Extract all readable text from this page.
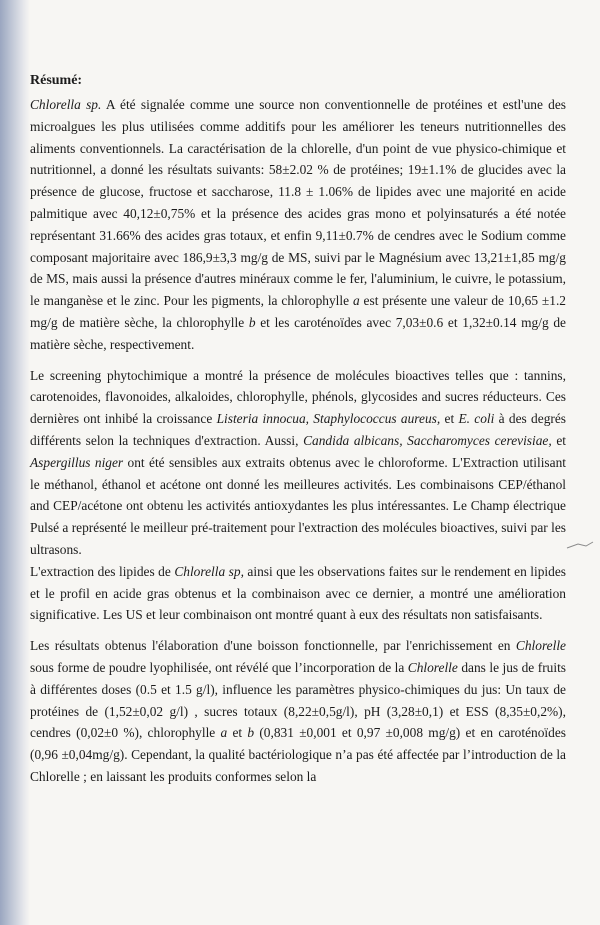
Résumé:

Chlorella sp. A été signalée comme une source non conventionnelle de protéines et estl'une des microalgues les plus utilisées comme additifs pour les améliorer les teneurs nutritionnelles des aliments conventionnels. La caractérisation de la chlorelle, d'un point de vue physico-chimique et nutritionnel, a donné les résultats suivants: 58±2.02 % de protéines; 19±1.1% de glucides avec la présence de glucose, fructose et saccharose, 11.8 ± 1.06% de lipides avec une majorité en acide palmitique avec 40,12±0,75% et la présence des acides gras mono et polyinsaturés a été notée représentant 31.66% des acides gras totaux, et enfin 9,11±0.7% de cendres avec le Sodium comme composant majoritaire avec 186,9±3,3 mg/g de MS, suivi par le Magnésium avec 13,21±1,85 mg/g de MS, mais aussi la présence d'autres minéraux comme le fer, l'aluminium, le cuivre, le potassium, le manganèse et le zinc. Pour les pigments, la chlorophylle a est présente une valeur de 10,65 ±1.2 mg/g de matière sèche, la chlorophylle b et les caroténoïdes avec 7,03±0.6 et 1,32±0.14 mg/g de matière sèche, respectivement.

Le screening phytochimique a montré la présence de molécules bioactives telles que : tannins, carotenoides, flavonoides, alkaloides, chlorophylle, phénols, glycosides and sucres réducteurs. Ces dernières ont inhibé la croissance Listeria innocua, Staphylococcus aureus, et E. coli à des degrés différents selon la techniques d'extraction. Aussi, Candida albicans, Saccharomyces cerevisiae, et Aspergillus niger ont été sensibles aux extraits obtenus avec le chloroforme. L'Extraction utilisant le méthanol, éthanol et acétone ont donné les meilleures activités. Les combinaisons CEP/éthanol and CEP/acétone ont obtenu les activités antioxydantes les plus intéressantes. Le Champ électrique Pulsé a représenté le meilleur pré-traitement pour l'extraction des molécules bioactives, suivi par les ultrasons.

L'extraction des lipides de Chlorella sp, ainsi que les observations faites sur le rendement en lipides et le profil en acide gras obtenus et la combinaison avec ce dernier, a montré une amélioration significative. Les US et leur combinaison ont montré quant à eux des résultats non satisfaisants.

Les résultats obtenus l'élaboration d'une boisson fonctionnelle, par l'enrichissement en Chlorelle sous forme de poudre lyophilisée, ont révélé que l’incorporation de la Chlorelle dans le jus de fruits à différentes doses (0.5 et 1.5 g/l), influence les paramètres physico-chimiques du jus: Un taux de protéines de (1,52±0,02 g/l) , sucres totaux (8,22±0,5g/l), pH (3,28±0,1) et ESS (8,35±0,2%), cendres (0,02±0 %), chlorophylle a et b (0,831 ±0,001 et 0,97 ±0,008 mg/g) et en caroténoïdes (0,96 ±0,04mg/g). Cependant, la qualité bactériologique n’a pas été affectée par l’introduction de la Chlorelle ; en laissant les produits conformes selon la
